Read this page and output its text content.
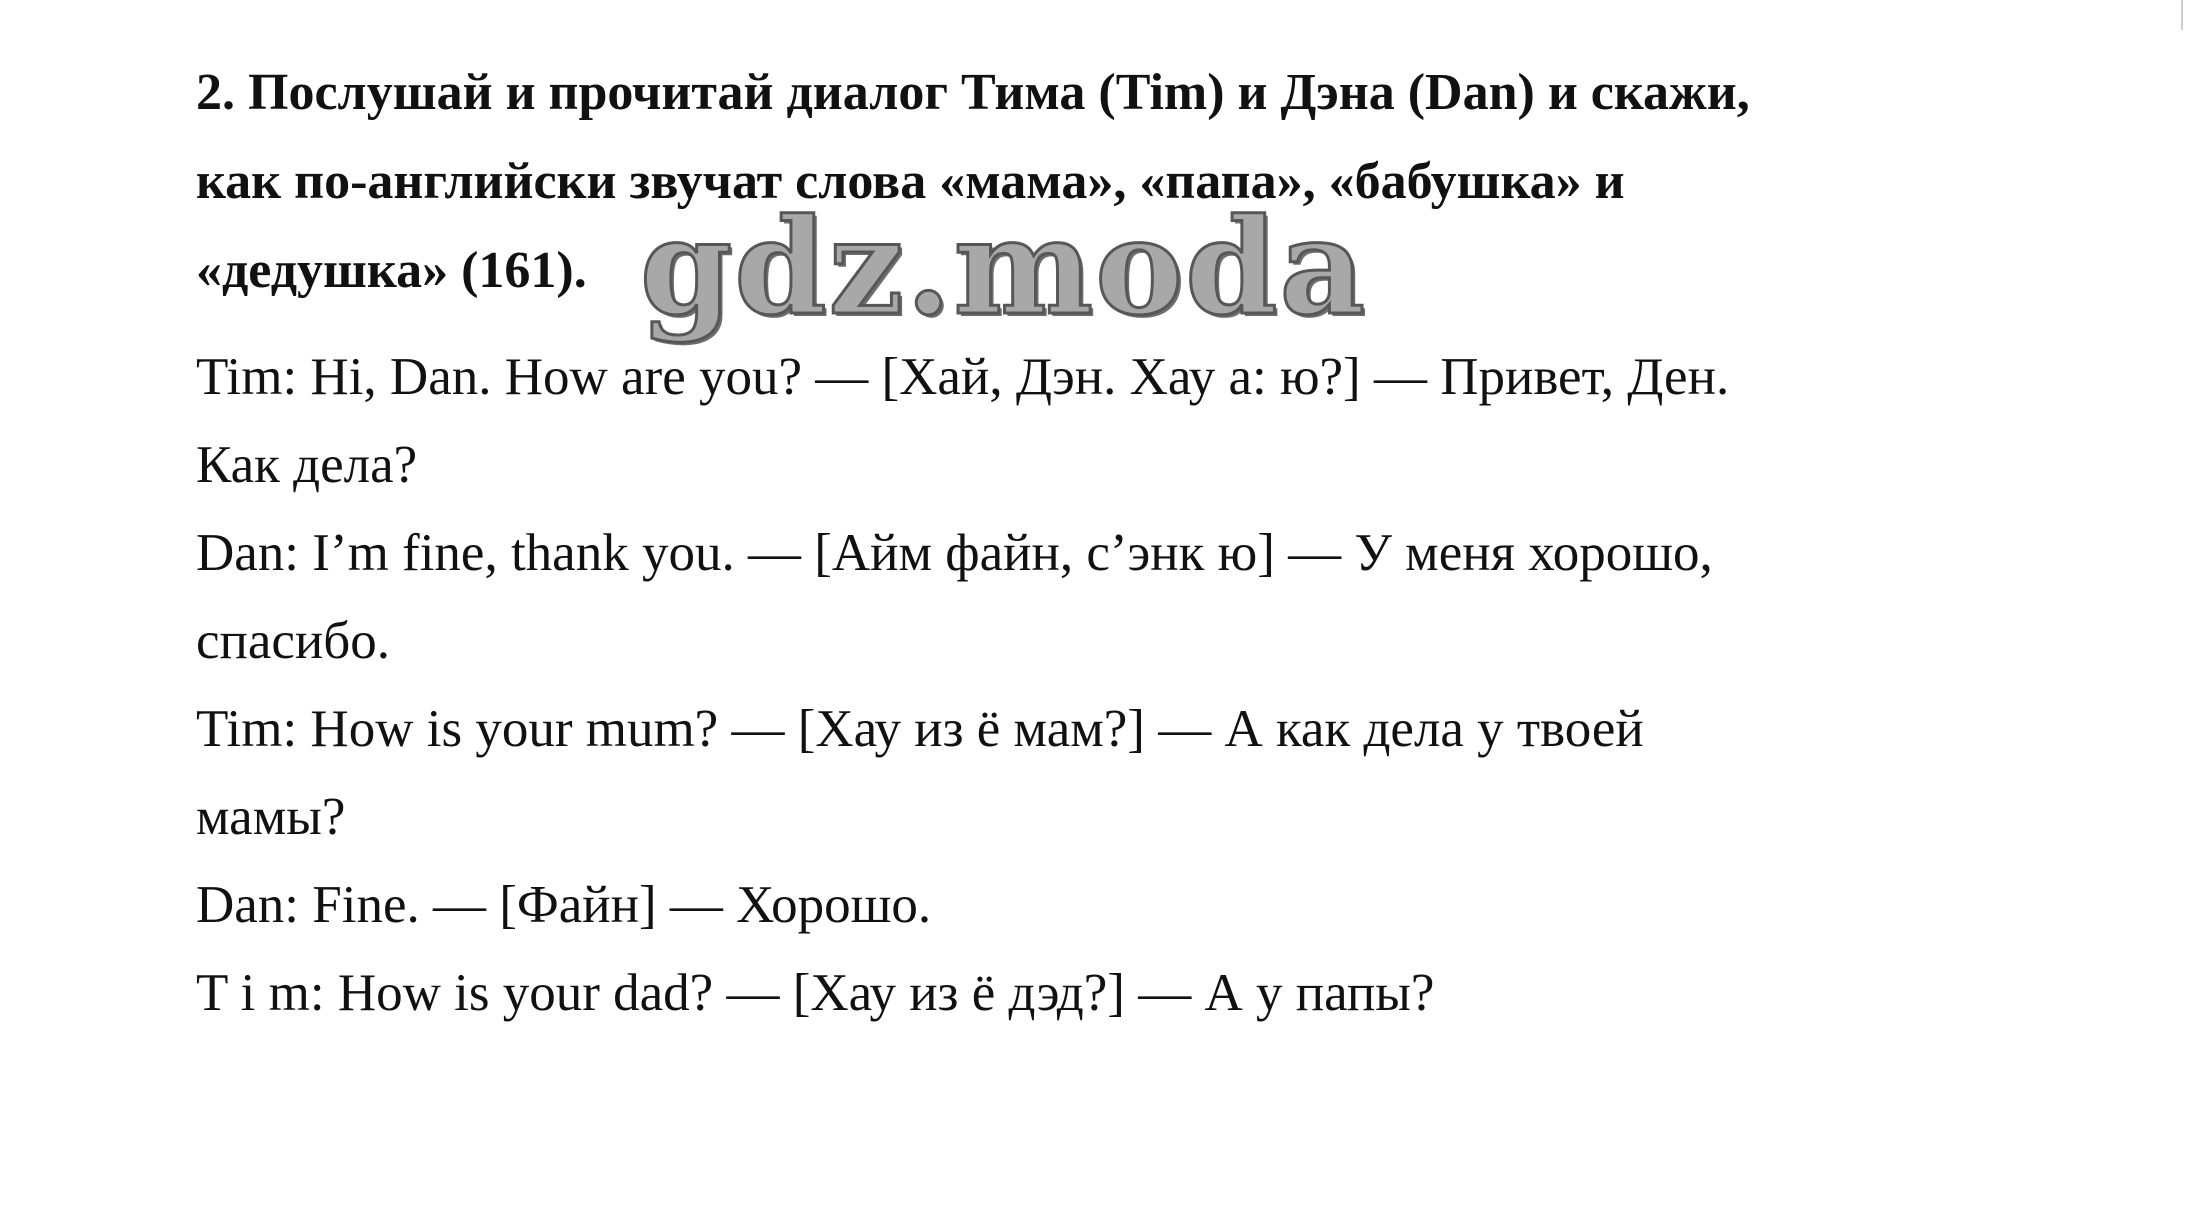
2. Послушай и прочитай диалог Тима (Tim) и Дэна (Dan) и скажи,
как по-английски звучат слова «мама», «папа», «бабушка» и
«дедушка» (161).
Tim: Hi, Dan. How are you? — [Хай, Дэн. Хау а: ю?] — Привет, Ден.
Как дела?
Dan: I’m fine, thank you. — [Айм файн, с’энк ю] — У меня хорошо,
спасибо.
Tim: How is your mum? — [Хау из ё мам?] — А как дела у твоей
мамы?
Dan: Fine. — [Файн] — Хорошо.
T i m: How is your dad? — [Хау из ё дэд?] — А у папы?
gdz.moda
